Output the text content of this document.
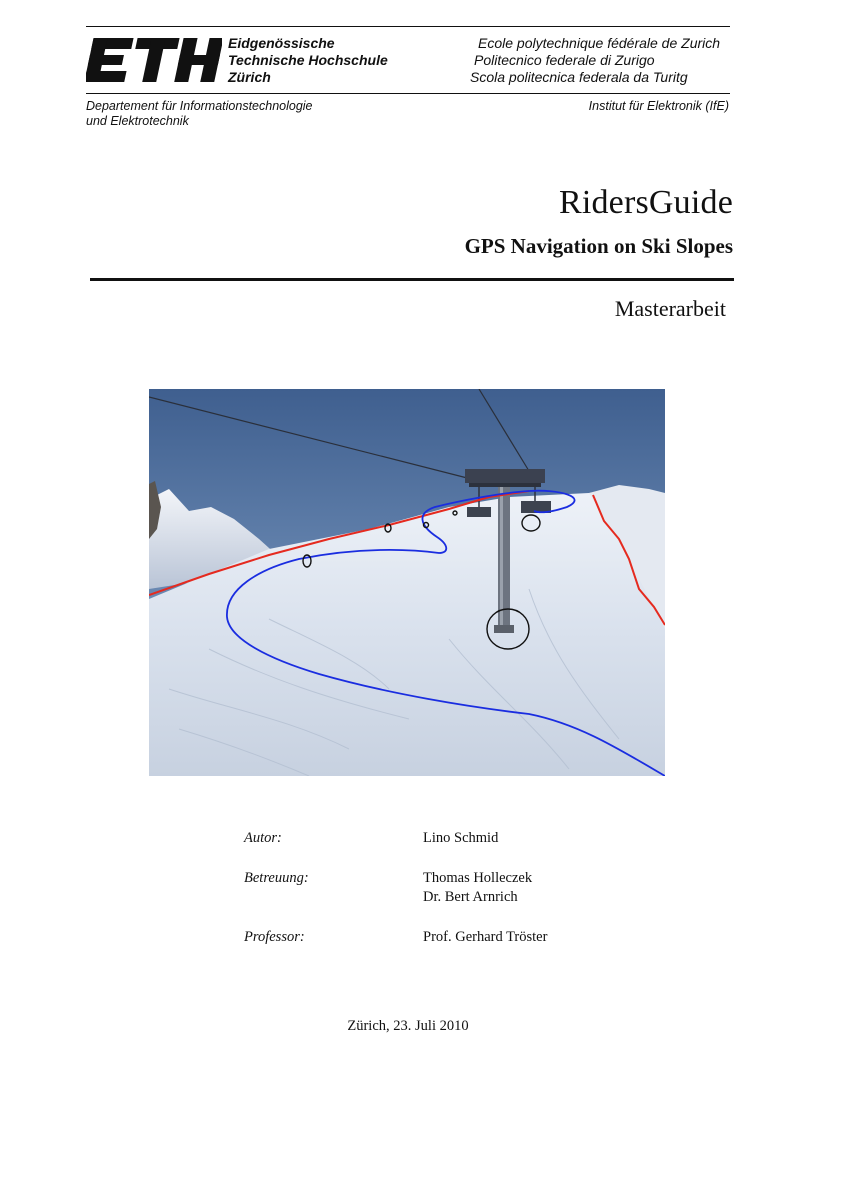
Eidgenössische
Technische Hochschule
Zürich
Ecole polytechnique fédérale de Zurich
Politecnico federale di Zurigo
Scola politecnica federala da Turitg
Departement für Informationstechnologie
und Elektrotechnik
Institut für Elektronik (IfE)
RidersGuide
GPS Navigation on Ski Slopes
Masterarbeit
Autor:	Lino Schmid
Betreuung:	Thomas Holleczek
Dr. Bert Arnrich
Professor:	Prof. Gerhard Tröster
Zürich, 23. Juli 2010
